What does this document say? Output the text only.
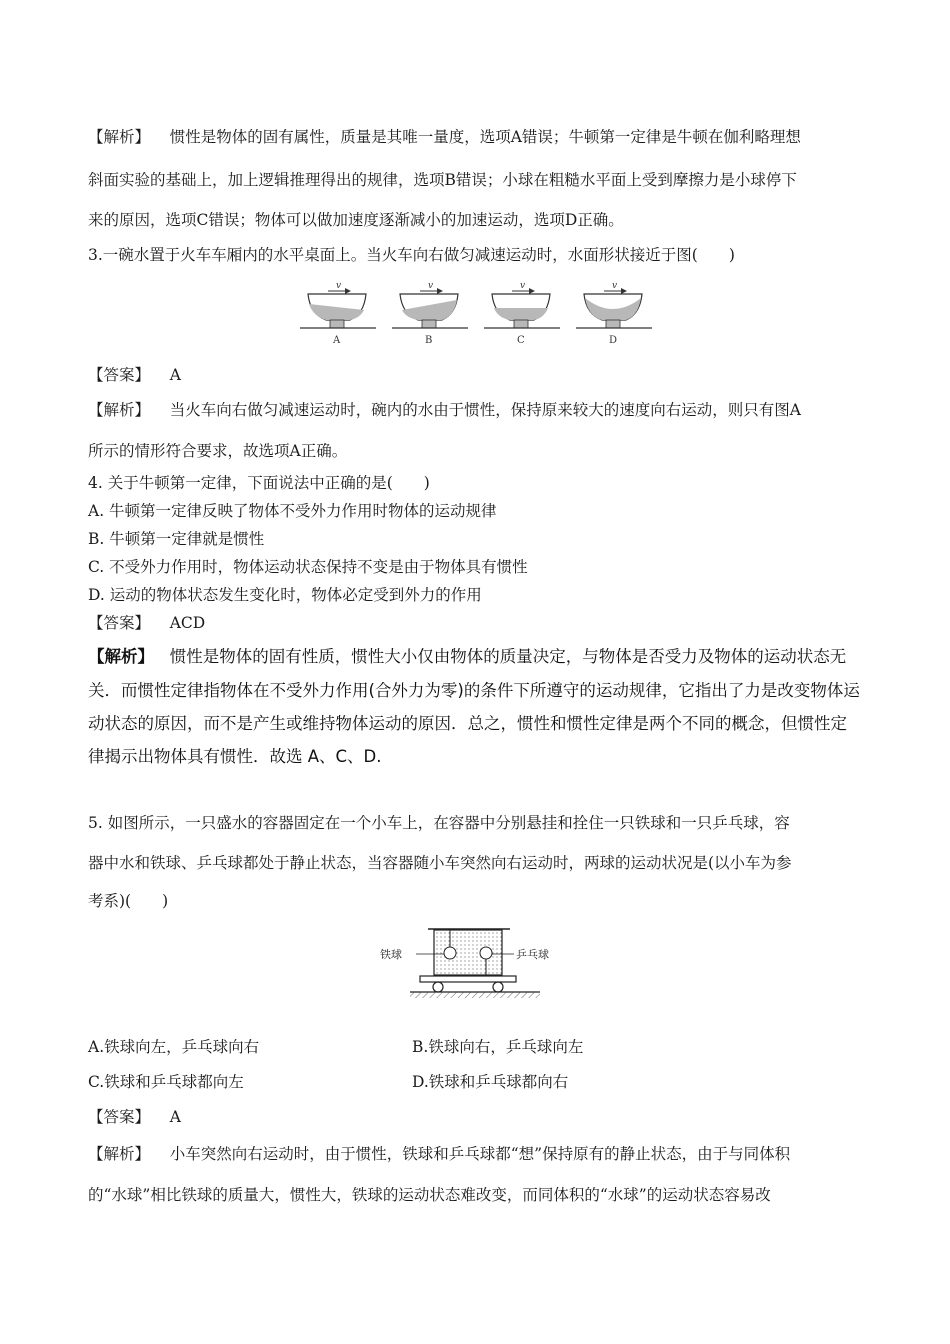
【解析】 惯性是物体的固有属性，质量是其唯一量度，选项A错误；牛顿第一定律是牛顿在伽利略理想
斜面实验的基础上，加上逻辑推理得出的规律，选项B错误；小球在粗糙水平面上受到摩擦力是小球停下
来的原因，选项C错误；物体可以做加速度逐渐减小的加速运动，选项D正确。
3.一碗水置于火车车厢内的水平桌面上。当火车向右做匀减速运动时，水面形状接近于图(　　)
v
A
v
B
v
C
v
D
【答案】 A
【解析】 当火车向右做匀减速运动时，碗内的水由于惯性，保持原来较大的速度向右运动，则只有图A
所示的情形符合要求，故选项A正确。
4. 关于牛顿第一定律，下面说法中正确的是(　　)
A. 牛顿第一定律反映了物体不受外力作用时物体的运动规律
B. 牛顿第一定律就是惯性
C. 不受外力作用时，物体运动状态保持不变是由于物体具有惯性
D. 运动的物体状态发生变化时，物体必定受到外力的作用
【答案】 ACD
【解析】 惯性是物体的固有性质，惯性大小仅由物体的质量决定，与物体是否受力及物体的运动状态无
关．而惯性定律指物体在不受外力作用(合外力为零)的条件下所遵守的运动规律，它指出了力是改变物体运
动状态的原因，而不是产生或维持物体运动的原因．总之，惯性和惯性定律是两个不同的概念，但惯性定
律揭示出物体具有惯性．故选 A、C、D.
5. 如图所示，一只盛水的容器固定在一个小车上，在容器中分别悬挂和拴住一只铁球和一只乒乓球，容
器中水和铁球、乒乓球都处于静止状态，当容器随小车突然向右运动时，两球的运动状况是(以小车为参
考系)(　　)
铁球	乒乓球
A.铁球向左，乒乓球向右	B.铁球向右，乒乓球向左
C.铁球和乒乓球都向左	D.铁球和乒乓球都向右
【答案】 A
【解析】 小车突然向右运动时，由于惯性，铁球和乒乓球都“想”保持原有的静止状态，由于与同体积
的“水球”相比铁球的质量大，惯性大，铁球的运动状态难改变，而同体积的“水球”的运动状态容易改
